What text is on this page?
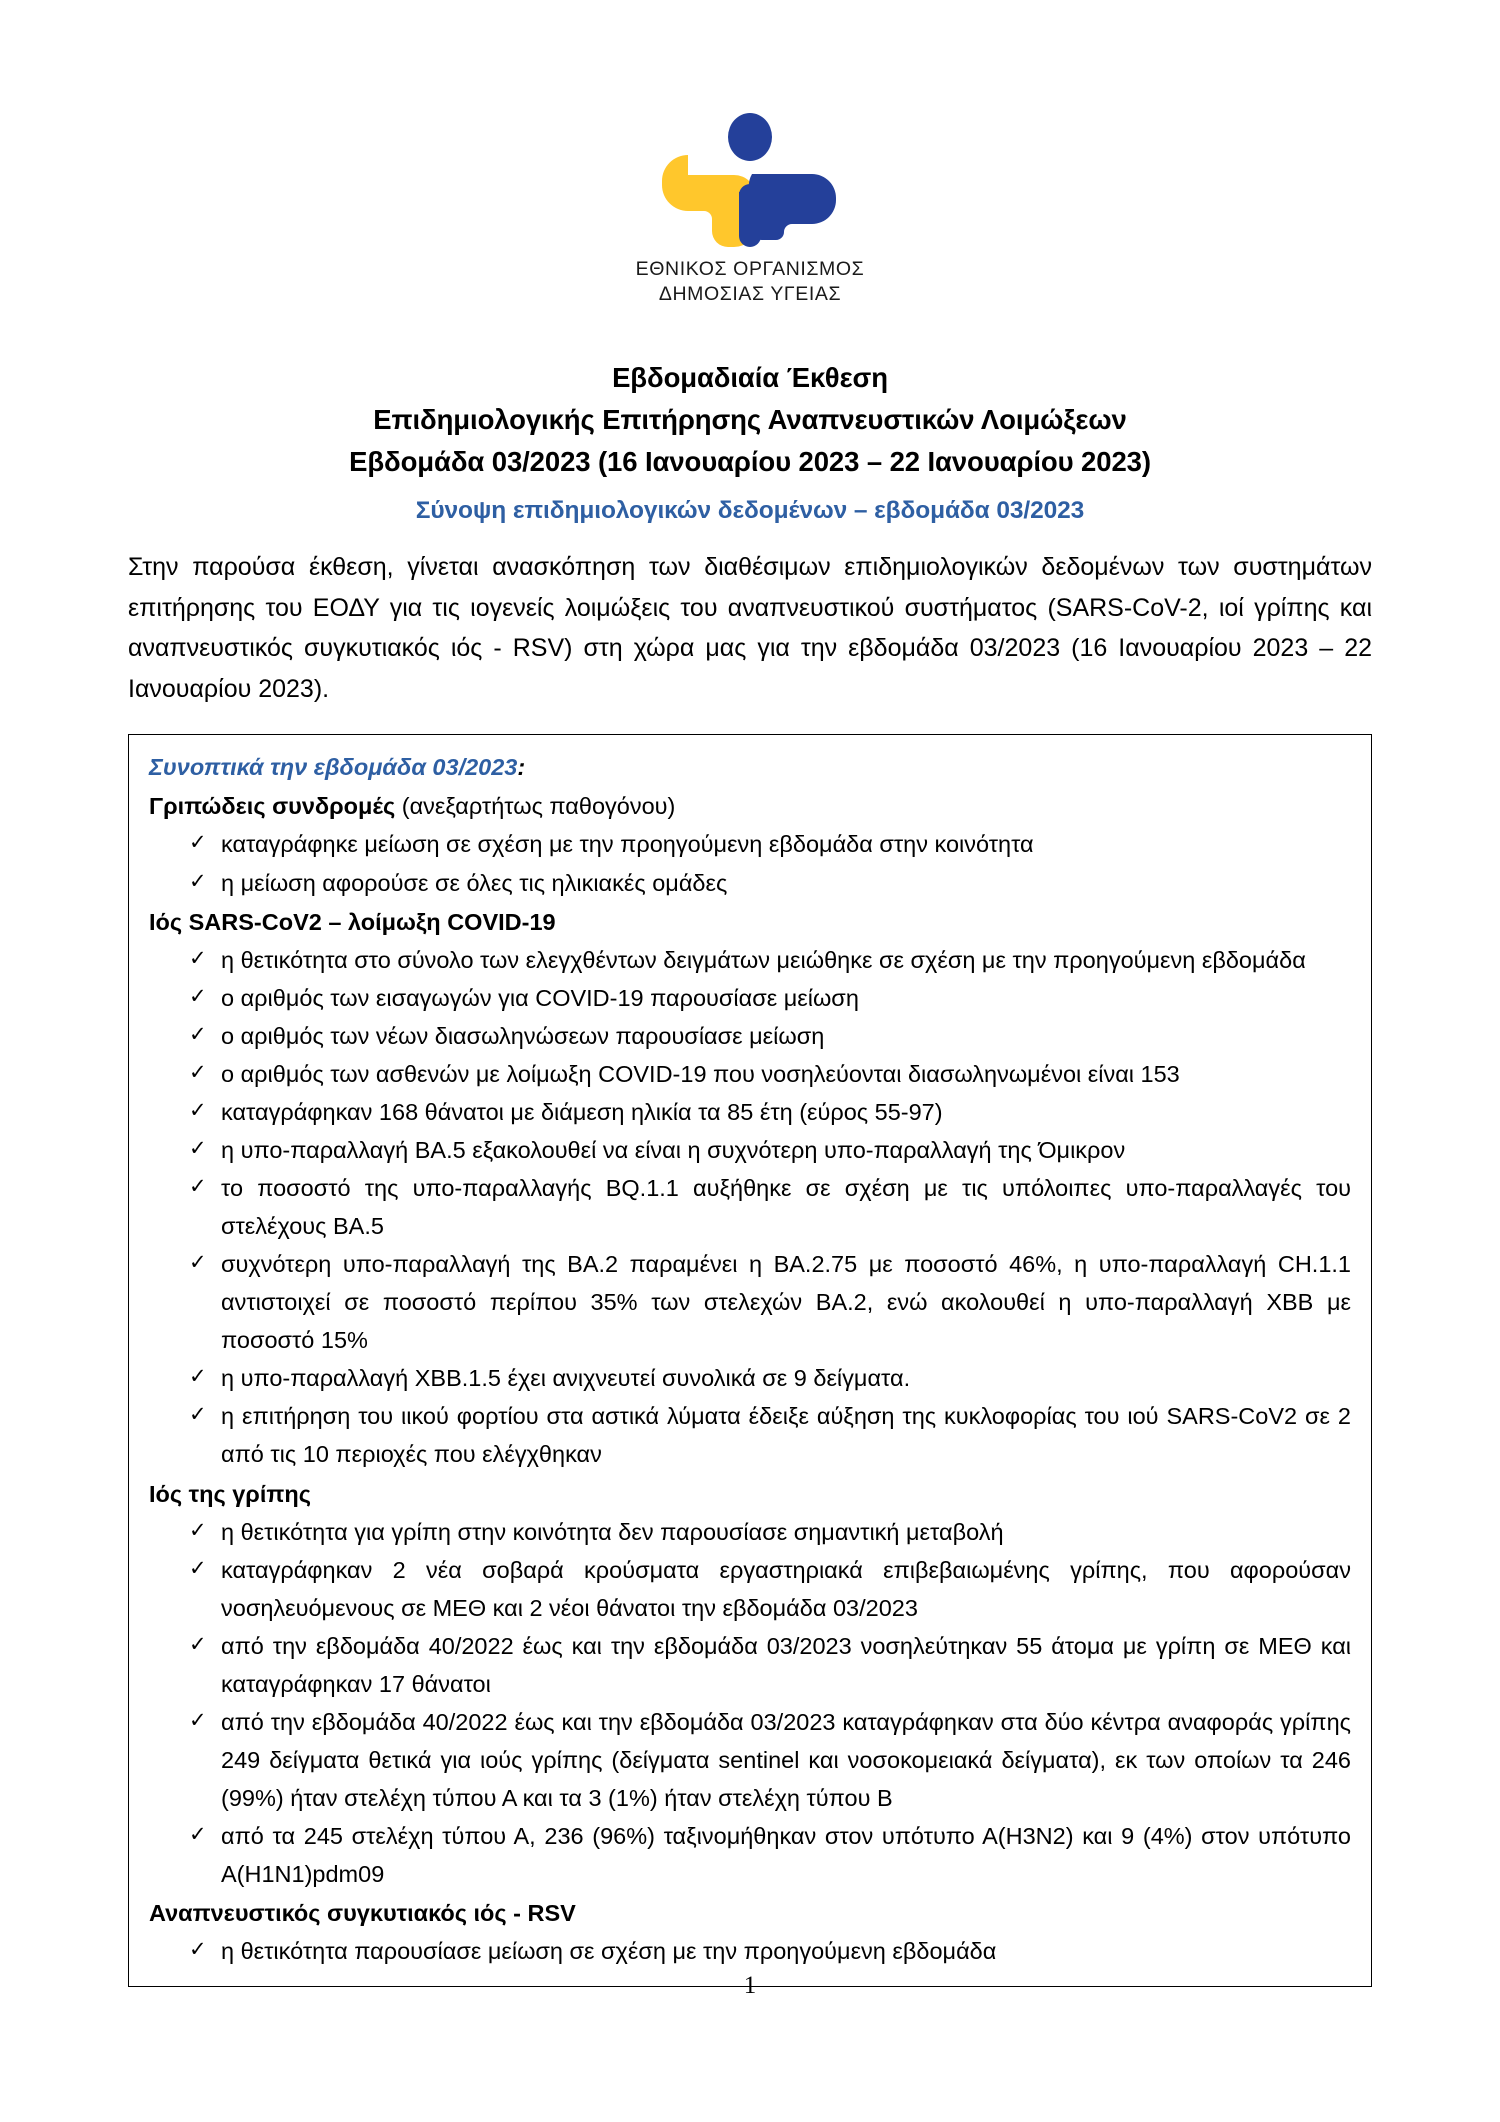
ΕΘΝΙΚΟΣ ΟΡΓΑΝΙΣΜΟΣ
ΔΗΜΟΣΙΑΣ ΥΓΕΙΑΣ
Εβδομαδιαία Έκθεση
Επιδημιολογικής Επιτήρησης Αναπνευστικών Λοιμώξεων
Εβδομάδα 03/2023 (16 Ιανουαρίου 2023 – 22 Ιανουαρίου 2023)
Σύνοψη επιδημιολογικών δεδομένων – εβδομάδα 03/2023

Στην παρούσα έκθεση, γίνεται ανασκόπηση των διαθέσιμων επιδημιολογικών δεδομένων των συστημάτων επιτήρησης του ΕΟΔΥ για τις ιογενείς λοιμώξεις του αναπνευστικού συστήματος (SARS-CoV-2, ιοί γρίπης και αναπνευστικός συγκυτιακός ιός - RSV) στη χώρα μας για την εβδομάδα 03/2023 (16 Ιανουαρίου 2023 – 22 Ιανουαρίου 2023).

Συνοπτικά την εβδομάδα 03/2023:
Γριπώδεις συνδρομές (ανεξαρτήτως παθογόνου)
✓ καταγράφηκε μείωση σε σχέση με την προηγούμενη εβδομάδα στην κοινότητα
✓ η μείωση αφορούσε σε όλες τις ηλικιακές ομάδες
Ιός SARS-CoV2 – λοίμωξη COVID-19
✓ η θετικότητα στο σύνολο των ελεγχθέντων δειγμάτων μειώθηκε σε σχέση με την προηγούμενη εβδομάδα
✓ ο αριθμός των εισαγωγών για COVID-19 παρουσίασε μείωση
✓ ο αριθμός των νέων διασωληνώσεων παρουσίασε μείωση
✓ ο αριθμός των ασθενών με λοίμωξη COVID-19 που νοσηλεύονται διασωληνωμένοι είναι 153
✓ καταγράφηκαν 168 θάνατοι με διάμεση ηλικία τα 85 έτη (εύρος 55-97)
✓ η υπο-παραλλαγή ΒΑ.5 εξακολουθεί να είναι η συχνότερη υπο-παραλλαγή της Όμικρον
✓ το ποσοστό της υπο-παραλλαγής BQ.1.1 αυξήθηκε σε σχέση με τις υπόλοιπες υπο-παραλλαγές του στελέχους ΒΑ.5
✓ συχνότερη υπο-παραλλαγή της ΒΑ.2 παραμένει η ΒΑ.2.75 με ποσοστό 46%, η υπο-παραλλαγή CH.1.1 αντιστοιχεί σε ποσοστό περίπου 35% των στελεχών ΒΑ.2, ενώ ακολουθεί η υπο-παραλλαγή XBB με ποσοστό 15%
✓ η υπο-παραλλαγή XBB.1.5 έχει ανιχνευτεί συνολικά σε 9 δείγματα.
✓ η επιτήρηση του ιικού φορτίου στα αστικά λύματα έδειξε αύξηση της κυκλοφορίας του ιού SARS-CoV2 σε 2 από τις 10 περιοχές που ελέγχθηκαν
Ιός της γρίπης
✓ η θετικότητα για γρίπη στην κοινότητα δεν παρουσίασε σημαντική μεταβολή
✓ καταγράφηκαν 2 νέα σοβαρά κρούσματα εργαστηριακά επιβεβαιωμένης γρίπης, που αφορούσαν νοσηλευόμενους σε ΜΕΘ και 2 νέοι θάνατοι την εβδομάδα 03/2023
✓ από την εβδομάδα 40/2022 έως και την εβδομάδα 03/2023 νοσηλεύτηκαν 55 άτομα με γρίπη σε ΜΕΘ και καταγράφηκαν 17 θάνατοι
✓ από την εβδομάδα 40/2022 έως και την εβδομάδα 03/2023 καταγράφηκαν στα δύο κέντρα αναφοράς γρίπης 249 δείγματα θετικά για ιούς γρίπης (δείγματα sentinel και νοσοκομειακά δείγματα), εκ των οποίων τα 246 (99%) ήταν στελέχη τύπου Α και τα 3 (1%) ήταν στελέχη τύπου Β
✓ από τα 245 στελέχη τύπου Α, 236 (96%) ταξινομήθηκαν στον υπότυπο Α(H3N2) και 9 (4%) στον υπότυπο Α(H1N1)pdm09
Αναπνευστικός συγκυτιακός ιός - RSV
✓ η θετικότητα παρουσίασε μείωση σε σχέση με την προηγούμενη εβδομάδα
1
